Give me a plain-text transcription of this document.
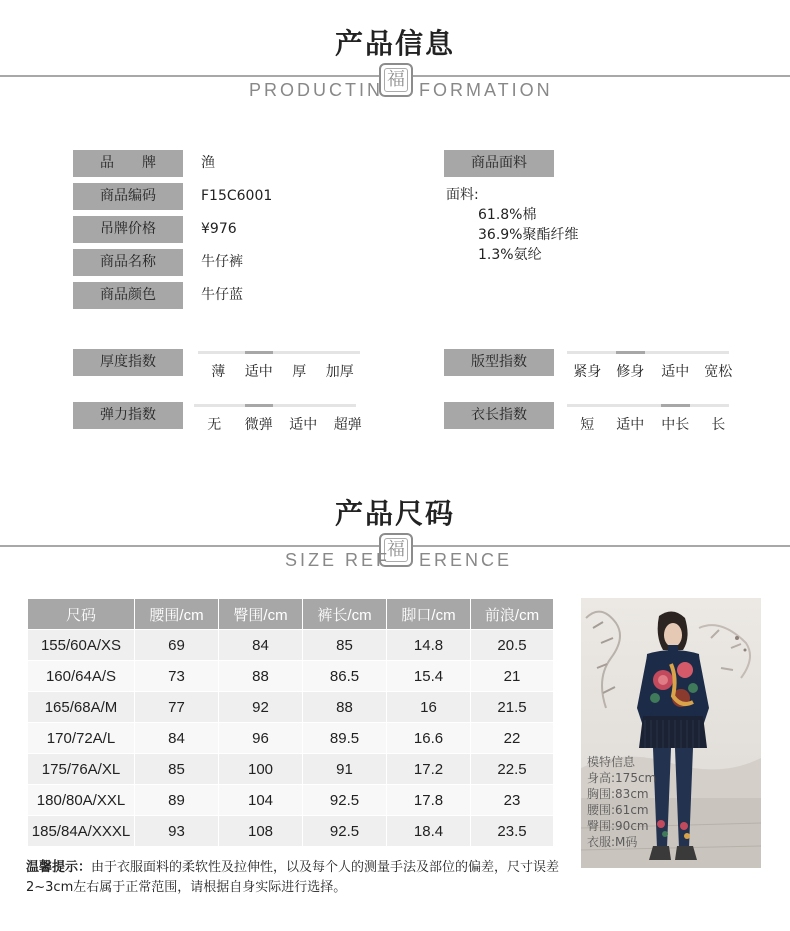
产品信息
福
PRODUCTIN FORMATION
品　　牌	渔
商品编码	F15C6001
吊牌价格	¥976
商品名称	牛仔裤
商品颜色	牛仔蓝
商品面料
面料:
61.8%棉
36.9%聚酯纤维
1.3%氨纶
厚度指数
薄	适中	厚	加厚
弹力指数
无	微弹	适中	超弹
版型指数
紧身	修身	适中	宽松
衣长指数
短	适中	中长	长
产品尺码
福
SIZE REF ERENCE
尺码	腰围/cm	臀围/cm	裤长/cm	脚口/cm	前浪/cm
155/60A/XS	69	84	85	14.8	20.5
160/64A/S	73	88	86.5	15.4	21
165/68A/M	77	92	88	16	21.5
170/72A/L	84	96	89.5	16.6	22
175/76A/XL	85	100	91	17.2	22.5
180/80A/XXL	89	104	92.5	17.8	23
185/84A/XXXL	93	108	92.5	18.4	23.5
模特信息
身高:175cm
胸围:83cm
腰围:61cm
臀围:90cm
衣服:M码
温馨提示：由于衣服面料的柔软性及拉伸性，以及每个人的测量手法及部位的偏差，尺寸误差2~3cm左右属于正常范围，请根据自身实际进行选择。
